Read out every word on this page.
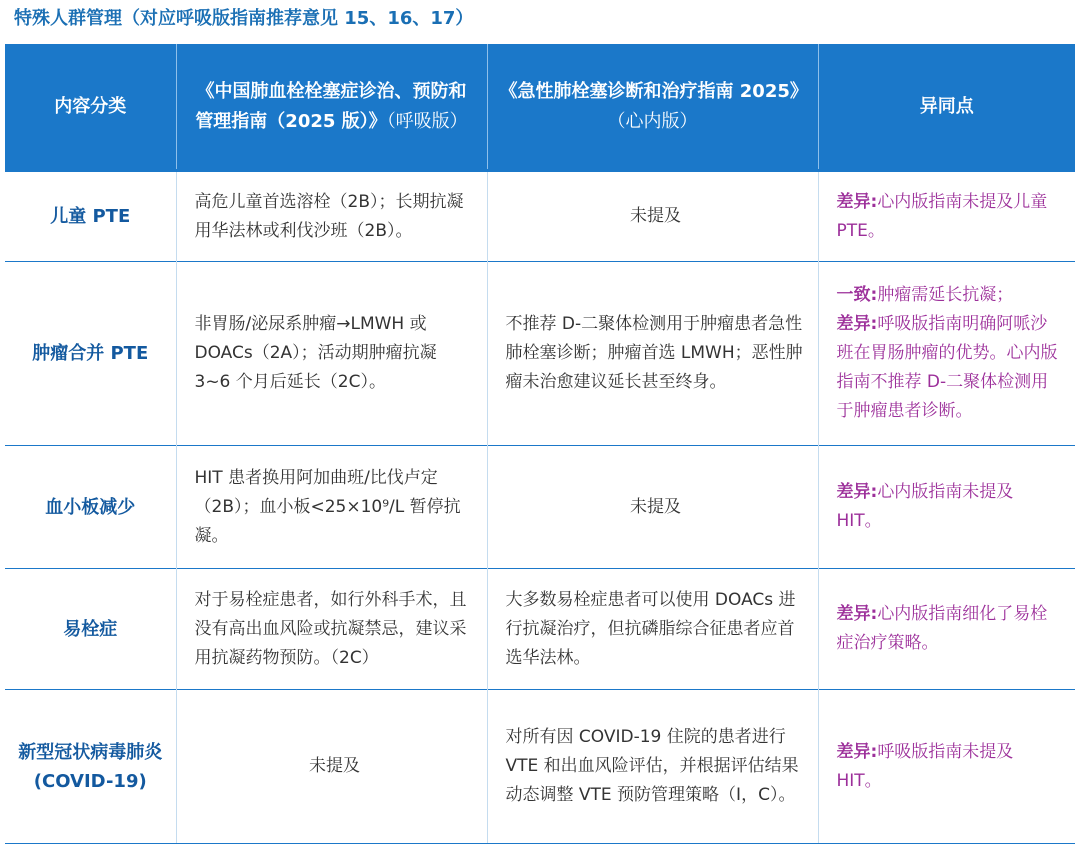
特殊人群管理（对应呼吸版指南推荐意见 15、16、17）
内容分类	《中国肺血栓栓塞症诊治、预防和管理指南（2025 版）》（呼吸版）	《急性肺栓塞诊断和治疗指南 2025》（心内版）	异同点
儿童 PTE	高危儿童首选溶栓（2B）；长期抗凝用华法林或利伐沙班（2B）。	未提及	差异:心内版指南未提及儿童 PTE。
肿瘤合并 PTE	非胃肠/泌尿系肿瘤→LMWH 或 DOACs（2A）；活动期肿瘤抗凝 3~6 个月后延长（2C）。	不推荐 D-二聚体检测用于肿瘤患者急性肺栓塞诊断；肿瘤首选 LMWH；恶性肿瘤未治愈建议延长甚至终身。	一致:肿瘤需延长抗凝；
差异:呼吸版指南明确阿哌沙班在胃肠肿瘤的优势。心内版指南不推荐 D-二聚体检测用于肿瘤患者诊断。
血小板减少	HIT 患者换用阿加曲班/比伐卢定（2B）；血小板<25×10⁹/L 暂停抗凝。	未提及	差异:心内版指南未提及 HIT。
易栓症	对于易栓症患者，如行外科手术，且没有高出血风险或抗凝禁忌，建议采用抗凝药物预防。（2C）	大多数易栓症患者可以使用 DOACs 进行抗凝治疗，但抗磷脂综合征患者应首选华法林。	差异:心内版指南细化了易栓症治疗策略。
新型冠状病毒肺炎(COVID-19)	未提及	对所有因 COVID-19 住院的患者进行 VTE 和出血风险评估，并根据评估结果动态调整 VTE 预防管理策略（Ⅰ，C）。	差异:呼吸版指南未提及 HIT。
